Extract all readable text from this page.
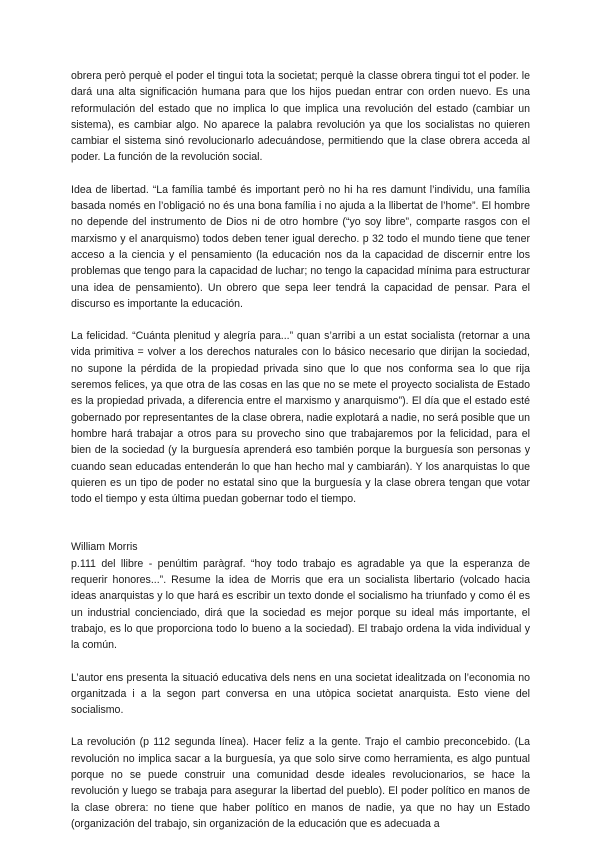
obrera però perquè el poder el tingui tota la societat; perquè la classe obrera tingui tot el poder. le dará una alta significación humana para que los hijos puedan entrar con orden nuevo. Es una reformulación del estado que no implica lo que implica una revolución del estado (cambiar un sistema), es cambiar algo. No aparece la palabra revolución ya que los socialistas no quieren cambiar el sistema sinó revolucionarlo adecuándose, permitiendo que la clase obrera acceda al poder. La función de la revolución social.

Idea de libertad. “La família també és important però no hi ha res damunt l’individu, una família basada només en l’obligació no és una bona família i no ajuda a la llibertat de l’home”. El hombre no depende del instrumento de Dios ni de otro hombre (“yo soy libre”, comparte rasgos con el marxismo y el anarquismo) todos deben tener igual derecho. p 32 todo el mundo tiene que tener acceso a la ciencia y el pensamiento (la educación nos da la capacidad de discernir entre los problemas que tengo para la capacidad de luchar; no tengo la capacidad mínima para estructurar una idea de pensamiento). Un obrero que sepa leer tendrá la capacidad de pensar. Para el discurso es importante la educación.

La felicidad. “Cuánta plenitud y alegría para...” quan s’arribi a un estat socialista (retornar a una vida primitiva = volver a los derechos naturales con lo básico necesario que dirijan la sociedad, no supone la pérdida de la propiedad privada sino que lo que nos conforma sea lo que rija seremos felices, ya que otra de las cosas en las que no se mete el proyecto socialista de Estado es la propiedad privada, a diferencia entre el marxismo y anarquismo”). El día que el estado esté gobernado por representantes de la clase obrera, nadie explotará a nadie, no será posible que un hombre hará trabajar a otros para su provecho sino que trabajaremos por la felicidad, para el bien de la sociedad (y la burguesía aprenderá eso también porque la burguesía son personas y cuando sean educadas entenderán lo que han hecho mal y cambiarán). Y los anarquistas lo que quieren es un tipo de poder no estatal sino que la burguesía y la clase obrera tengan que votar todo el tiempo y esta última puedan gobernar todo el tiempo.

William Morris

p.111 del llibre - penúltim paràgraf. “hoy todo trabajo es agradable ya que la esperanza de requerir honores...”. Resume la idea de Morris que era un socialista libertario (volcado hacia ideas anarquistas y lo que hará es escribir un texto donde el socialismo ha triunfado y como él es un industrial concienciado, dirá que la sociedad es mejor porque su ideal más importante, el trabajo, es lo que proporciona todo lo bueno a la sociedad). El trabajo ordena la vida individual y la común.

L’autor ens presenta la situació educativa dels nens en una societat idealitzada on l’economia no organitzada i a la segon part conversa en una utòpica societat anarquista. Esto viene del socialismo.

La revolución (p 112 segunda línea). Hacer feliz a la gente. Trajo el cambio preconcebido. (La revolución no implica sacar a la burguesía, ya que solo sirve como herramienta, es algo puntual porque no se puede construir una comunidad desde ideales revolucionarios, se hace la revolución y luego se trabaja para asegurar la libertad del pueblo). El poder político en manos de la clase obrera: no tiene que haber político en manos de nadie, ya que no hay un Estado (organización del trabajo, sin organización de la educación que es adecuada a
